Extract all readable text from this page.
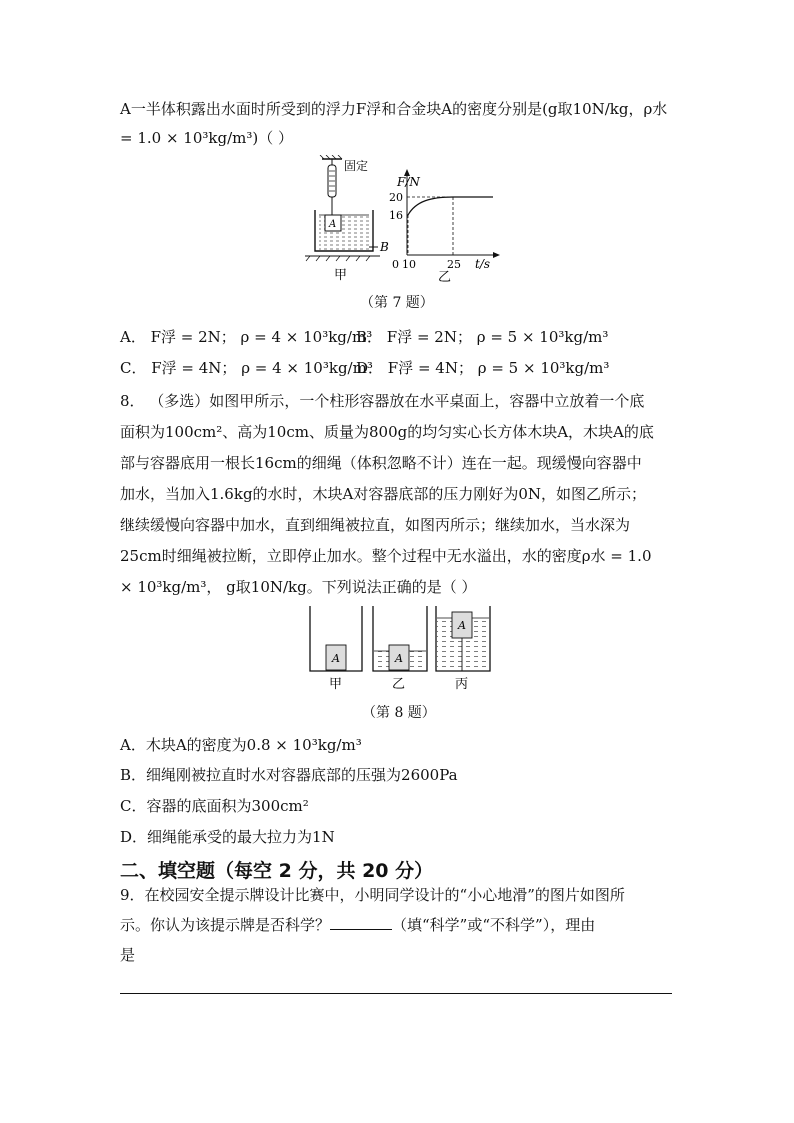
A一半体积露出水面时所受到的浮力F浮和合金块A的密度分别是(g取10N/kg，ρ水
= 1.0 × 10³kg/m³)（ ）
固定
A
B
甲
F/N
t/s
0
20
16
10	25
乙
（第 7 题）
A． F浮 = 2N； ρ = 4 × 10³kg/m³
B． F浮 = 2N； ρ = 5 × 10³kg/m³
C． F浮 = 4N； ρ = 4 × 10³kg/m³
D． F浮 = 4N； ρ = 5 × 10³kg/m³
8． （多选）如图甲所示，一个柱形容器放在水平桌面上，容器中立放着一个底
面积为100cm²、高为10cm、质量为800g的均匀实心长方体木块A，木块A的底
部与容器底用一根长16cm的细绳（体积忽略不计）连在一起。现缓慢向容器中
加水，当加入1.6kg的水时，木块A对容器底部的压力刚好为0N，如图乙所示；
继续缓慢向容器中加水，直到细绳被拉直，如图丙所示；继续加水，当水深为
25cm时细绳被拉断，立即停止加水。整个过程中无水溢出，水的密度ρ水 = 1.0
× 10³kg/m³， g取10N/kg。下列说法正确的是（ ）
A
甲
A
乙
A
丙
（第 8 题）
A．木块A的密度为0.8 × 10³kg/m³
B．细绳刚被拉直时水对容器底部的压强为2600Pa
C．容器的底面积为300cm²
D．细绳能承受的最大拉力为1N
二、填空题（每空 2 分，共 20 分）
9．在校园安全提示牌设计比赛中，小明同学设计的“小心地滑”的图片如图所
示。你认为该提示牌是否科学？	（填“科学”或“不科学”），理由
是
